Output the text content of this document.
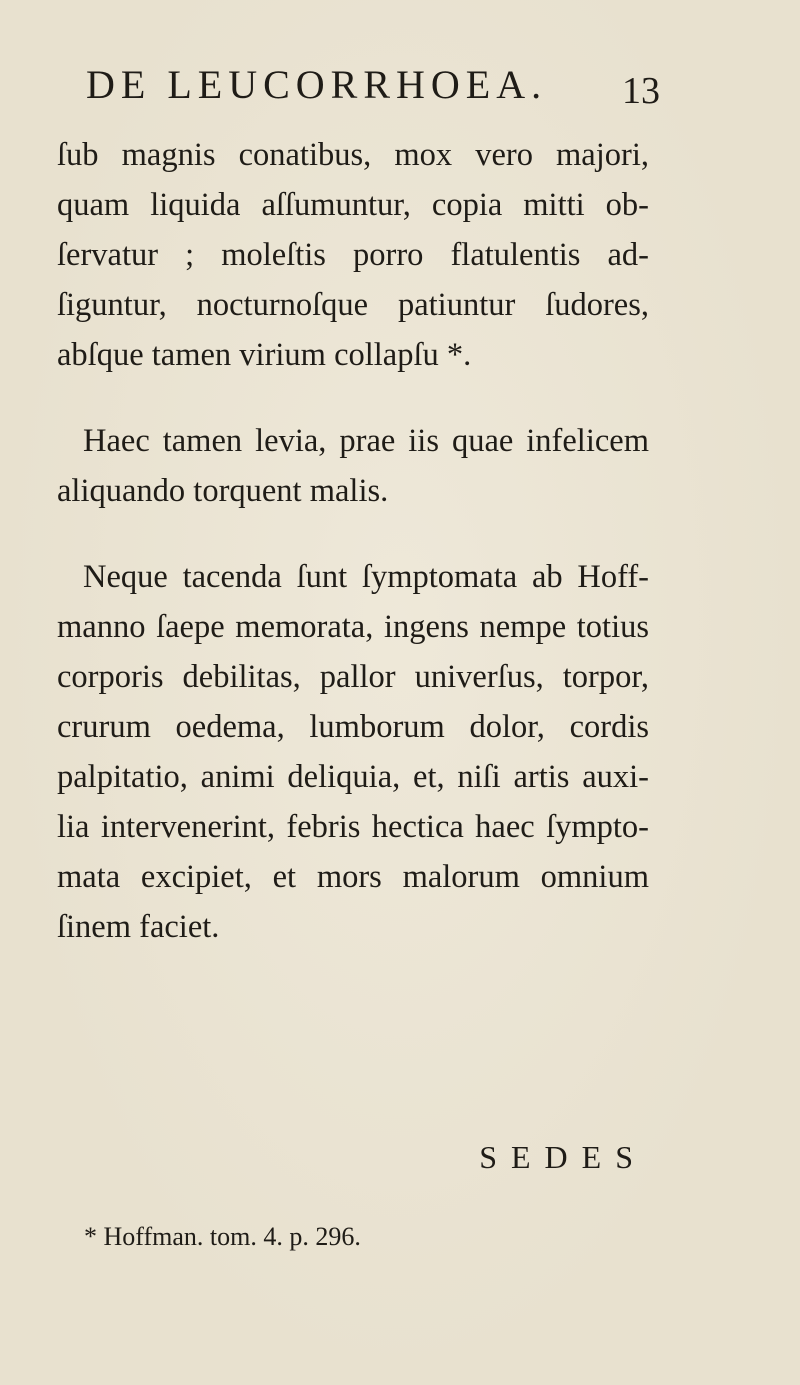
DE LEUCORRHOEA. 13

ſub magnis conatibus, mox vero majori,
quam liquida aſſumuntur, copia mitti ob-
ſervatur ; moleſtis porro flatulentis ad-
ſiguntur, nocturnoſque patiuntur ſudores,
abſque tamen virium collapſu *.

Haec tamen levia, prae iis quae infelicem
aliquando torquent malis.

Neque tacenda ſunt ſymptomata ab Hoff-
manno ſaepe memorata, ingens nempe totius
corporis debilitas, pallor univerſus, torpor,
crurum oedema, lumborum dolor, cordis
palpitatio, animi deliquia, et, niſi artis auxi-
lia intervenerint, febris hectica haec ſympto-
mata excipiet, et mors malorum omnium
ſinem faciet.

SEDES
* Hoffman. tom. 4. p. 296.
